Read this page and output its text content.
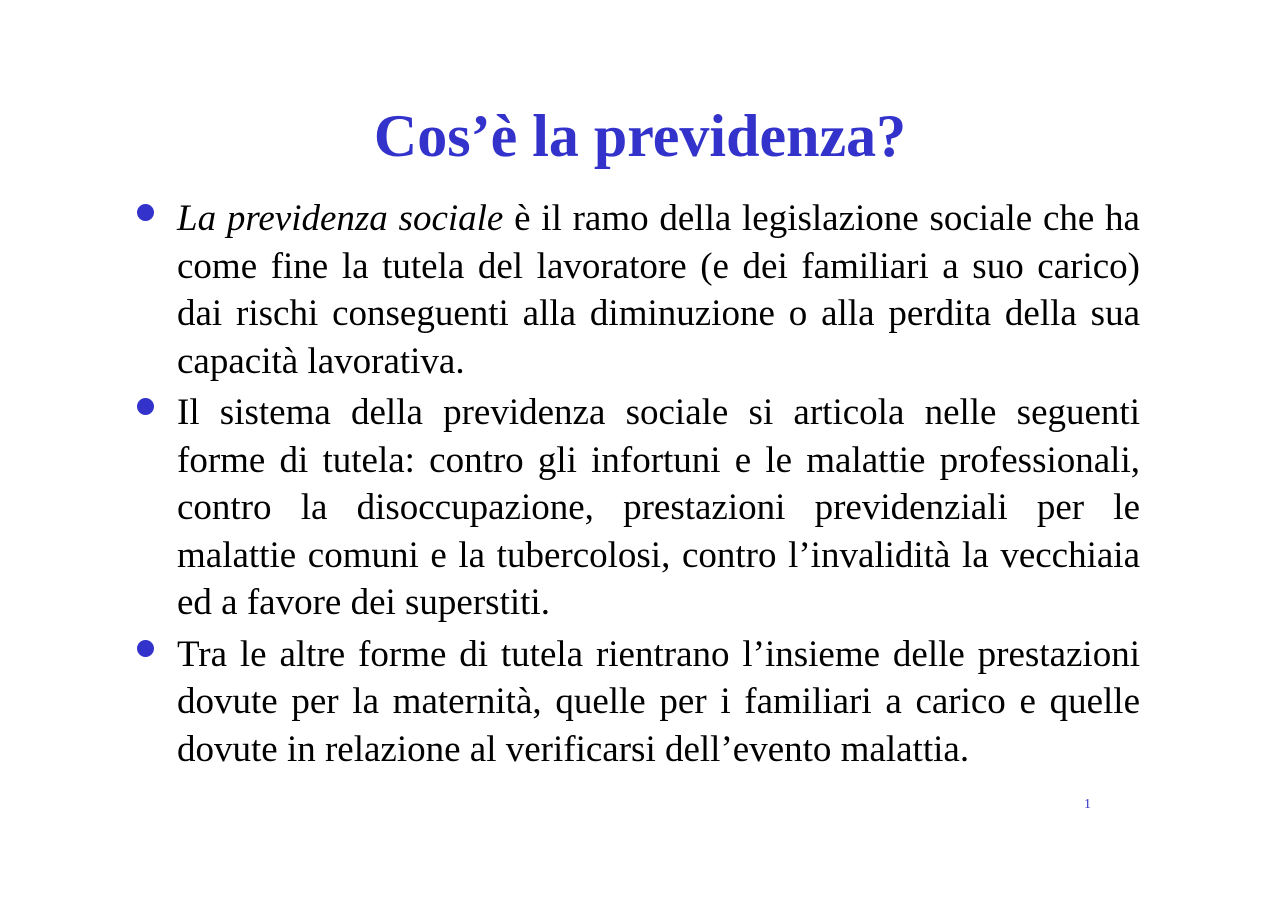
Cos’è la previdenza?
La previdenza sociale è il ramo della legislazione sociale che ha come fine la tutela del lavoratore (e dei familiari a suo carico) dai rischi conseguenti alla diminuzione o alla perdita della sua capacità lavorativa.
Il sistema della previdenza sociale si articola nelle seguenti forme di tutela: contro gli infortuni e le malattie professionali, contro la disoccupazione, prestazioni previdenziali per le malattie comuni e la tubercolosi, contro l’invalidità la vecchiaia ed a favore dei superstiti.
Tra le altre forme di tutela rientrano l’insieme delle prestazioni dovute per la maternità, quelle per i familiari a carico e quelle dovute in relazione al verificarsi dell’evento malattia.
1
